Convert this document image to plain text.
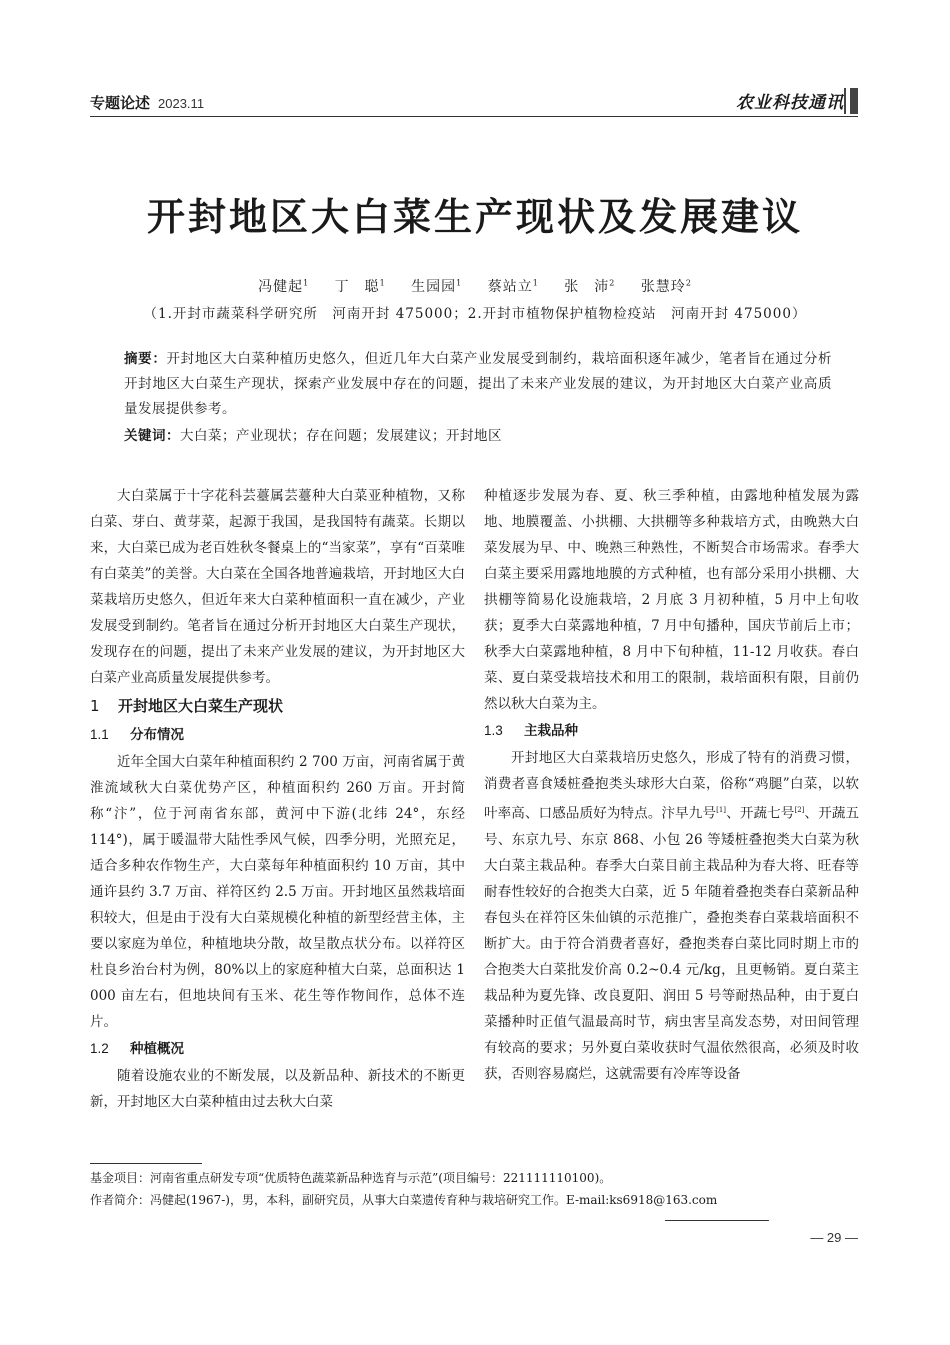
专题论述 2023.11	农业科技通讯
开封地区大白菜生产现状及发展建议
冯健起$^1$ 丁　聪$^1$ 生园园$^1$ 蔡站立$^1$ 张　沛$^2$ 张慧玲$^2$
（1.开封市蔬菜科学研究所　河南开封 475000；2.开封市植物保护植物检疫站　河南开封 475000）
摘要：开封地区大白菜种植历史悠久，但近几年大白菜产业发展受到制约，栽培面积逐年减少，笔者旨在通过分析开封地区大白菜生产现状，探索产业发展中存在的问题，提出了未来产业发展的建议，为开封地区大白菜产业高质量发展提供参考。
关键词：大白菜；产业现状；存在问题；发展建议；开封地区

大白菜属于十字花科芸薹属芸薹种大白菜亚种植物，又称白菜、芽白、黄芽菜，起源于我国，是我国特有蔬菜。长期以来，大白菜已成为老百姓秋冬餐桌上的“当家菜”，享有“百菜唯有白菜美”的美誉。大白菜在全国各地普遍栽培，开封地区大白菜栽培历史悠久，但近年来大白菜种植面积一直在减少，产业发展受到制约。笔者旨在通过分析开封地区大白菜生产现状，发现存在的问题，提出了未来产业发展的建议，为开封地区大白菜产业高质量发展提供参考。

1 开封地区大白菜生产现状
1.1 分布情况

近年全国大白菜年种植面积约 2 700 万亩，河南省属于黄淮流域秋大白菜优势产区，种植面积约 260 万亩。开封简称“汴”，位于河南省东部，黄河中下游(北纬 24°，东经 114°)，属于暖温带大陆性季风气候，四季分明，光照充足，适合多种农作物生产，大白菜每年种植面积约 10 万亩，其中通许县约 3.7 万亩、祥符区约 2.5 万亩。开封地区虽然栽培面积较大，但是由于没有大白菜规模化种植的新型经营主体，主要以家庭为单位，种植地块分散，故呈散点状分布。以祥符区杜良乡治台村为例，80%以上的家庭种植大白菜，总面积达 1 000 亩左右，但地块间有玉米、花生等作物间作，总体不连片。

1.2 种植概况

随着设施农业的不断发展，以及新品种、新技术的不断更新，开封地区大白菜种植由过去秋大白菜

种植逐步发展为春、夏、秋三季种植，由露地种植发展为露地、地膜覆盖、小拱棚、大拱棚等多种栽培方式，由晚熟大白菜发展为早、中、晚熟三种熟性，不断契合市场需求。春季大白菜主要采用露地地膜的方式种植，也有部分采用小拱棚、大拱棚等简易化设施栽培，2 月底 3 月初种植，5 月中上旬收获；夏季大白菜露地种植，7 月中旬播种，国庆节前后上市；秋季大白菜露地种植，8 月中下旬种植，11-12 月收获。春白菜、夏白菜受栽培技术和用工的限制，栽培面积有限，目前仍然以秋大白菜为主。

1.3 主栽品种

开封地区大白菜栽培历史悠久，形成了特有的消费习惯，消费者喜食矮桩叠抱类头球形大白菜，俗称“鸡腿”白菜，以软叶率高、口感品质好为特点。汴早九号[1]、开蔬七号[2]、开蔬五号、东京九号、东京 868、小包 26 等矮桩叠抱类大白菜为秋大白菜主栽品种。春季大白菜目前主栽品种为春大将、旺春等耐春性较好的合抱类大白菜，近 5 年随着叠抱类春白菜新品种春包头在祥符区朱仙镇的示范推广，叠抱类春白菜栽培面积不断扩大。由于符合消费者喜好，叠抱类春白菜比同时期上市的合抱类大白菜批发价高 0.2~0.4 元/kg，且更畅销。夏白菜主栽品种为夏先锋、改良夏阳、润田 5 号等耐热品种，由于夏白菜播种时正值气温最高时节，病虫害呈高发态势，对田间管理有较高的要求；另外夏白菜收获时气温依然很高，必须及时收获，否则容易腐烂，这就需要有冷库等设备

基金项目：河南省重点研发专项“优质特色蔬菜新品种选育与示范”(项目编号：221111110100)。
作者简介：冯健起(1967-)，男，本科，副研究员，从事大白菜遗传育种与栽培研究工作。E-mail:ks6918@163.com
— 29 —
